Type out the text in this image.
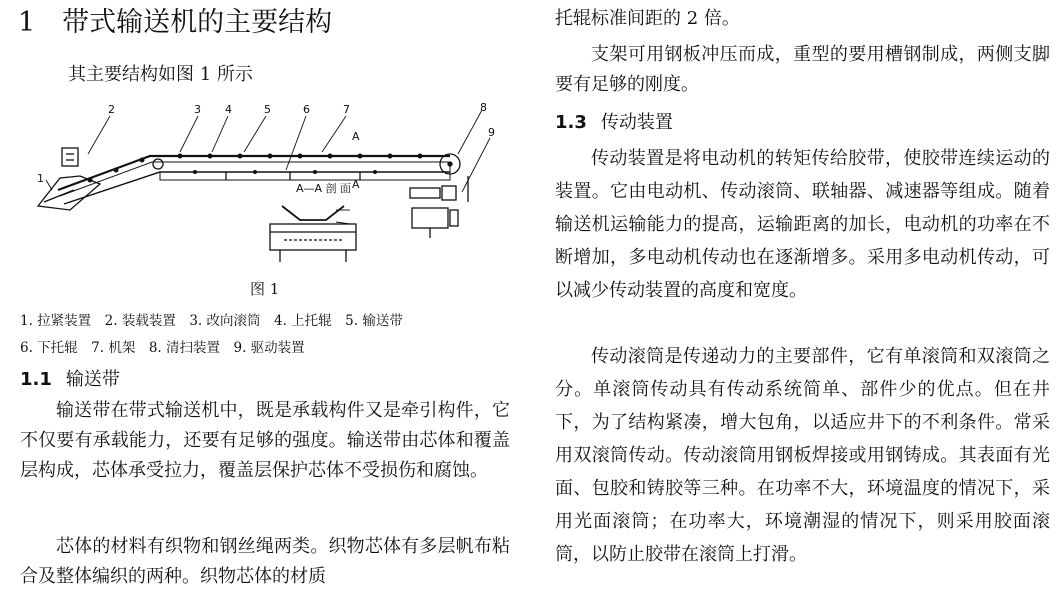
1　带式输送机的主要结构
其主要结构如图 1 所示
1
2	3 4	5	6	7	8
9
A—A 剖 面
A
A
图 1
1. 拉紧装置　2. 装载装置　3. 改向滚筒　4. 上托辊　5. 输送带
6. 下托辊　7. 机架　8. 清扫装置　9. 驱动装置
1.1 输送带

输送带在带式输送机中，既是承载构件又是牵引构件，它不仅要有承载能力，还要有足够的强度。输送带由芯体和覆盖层构成，芯体承受拉力，覆盖层保护芯体不受损伤和腐蚀。

芯体的材料有织物和钢丝绳两类。织物芯体有多层帆布粘合及整体编织的两种。织物芯体的材质

托辊标准间距的 2 倍。

支架可用钢板冲压而成，重型的要用槽钢制成，两侧支脚要有足够的刚度。

1.3 传动装置

传动装置是将电动机的转矩传给胶带，使胶带连续运动的装置。它由电动机、传动滚筒、联轴器、减速器等组成。随着输送机运输能力的提高，运输距离的加长，电动机的功率在不断增加，多电动机传动也在逐渐增多。采用多电动机传动，可以减少传动装置的高度和宽度。

传动滚筒是传递动力的主要部件，它有单滚筒和双滚筒之分。单滚筒传动具有传动系统简单、部件少的优点。但在井下，为了结构紧凑，增大包角，以适应井下的不利条件。常采用双滚筒传动。传动滚筒用钢板焊接或用钢铸成。其表面有光面、包胶和铸胶等三种。在功率不大，环境温度的情况下，采用光面滚筒；在功率大，环境潮湿的情况下，则采用胶面滚筒，以防止胶带在滚筒上打滑。
